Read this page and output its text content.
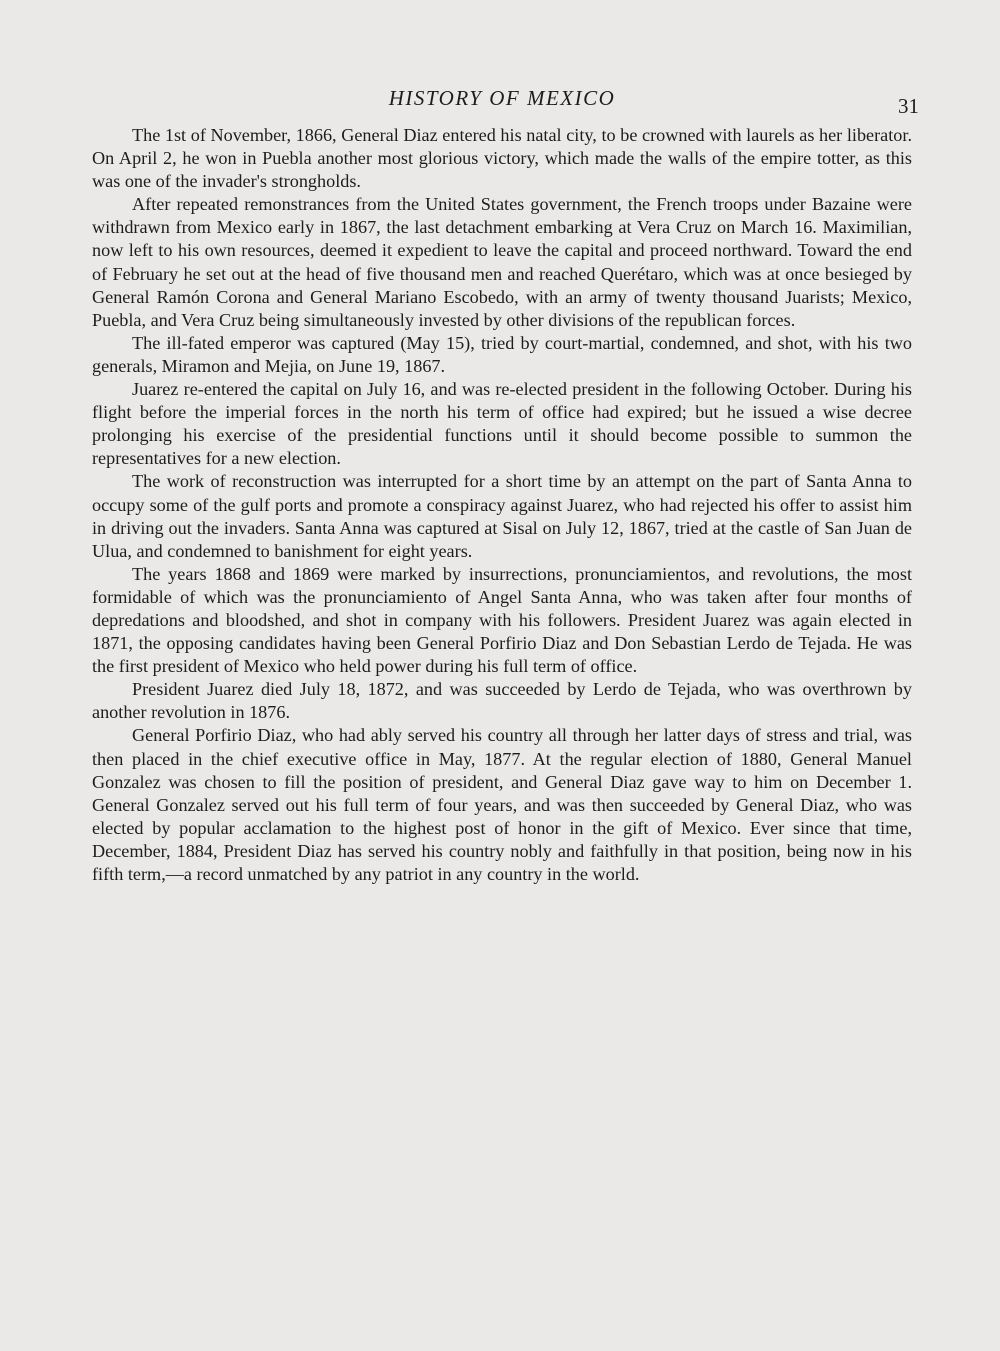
HISTORY OF MEXICO	31

The 1st of November, 1866, General Diaz entered his natal city, to be crowned with laurels as her liberator. On April 2, he won in Puebla another most glorious victory, which made the walls of the empire totter, as this was one of the invader's strongholds.

After repeated remonstrances from the United States government, the French troops under Bazaine were withdrawn from Mexico early in 1867, the last detachment embarking at Vera Cruz on March 16. Maximilian, now left to his own resources, deemed it expedient to leave the capital and proceed northward. Toward the end of February he set out at the head of five thousand men and reached Querétaro, which was at once besieged by General Ramón Corona and General Mariano Escobedo, with an army of twenty thousand Juarists; Mexico, Puebla, and Vera Cruz being simultaneously invested by other divisions of the republican forces.

The ill-fated emperor was captured (May 15), tried by court-martial, condemned, and shot, with his two generals, Miramon and Mejia, on June 19, 1867.

Juarez re-entered the capital on July 16, and was re-elected president in the following October. During his flight before the imperial forces in the north his term of office had expired; but he issued a wise decree prolonging his exercise of the presidential functions until it should become possible to summon the representatives for a new election.

The work of reconstruction was interrupted for a short time by an attempt on the part of Santa Anna to occupy some of the gulf ports and promote a conspiracy against Juarez, who had rejected his offer to assist him in driving out the invaders. Santa Anna was captured at Sisal on July 12, 1867, tried at the castle of San Juan de Ulua, and condemned to banishment for eight years.

The years 1868 and 1869 were marked by insurrections, pronunciamientos, and revolutions, the most formidable of which was the pronunciamiento of Angel Santa Anna, who was taken after four months of depredations and bloodshed, and shot in company with his followers. President Juarez was again elected in 1871, the opposing candidates having been General Porfirio Diaz and Don Sebastian Lerdo de Tejada. He was the first president of Mexico who held power during his full term of office.

President Juarez died July 18, 1872, and was succeeded by Lerdo de Tejada, who was overthrown by another revolution in 1876.

General Porfirio Diaz, who had ably served his country all through her latter days of stress and trial, was then placed in the chief executive office in May, 1877. At the regular election of 1880, General Manuel Gonzalez was chosen to fill the position of president, and General Diaz gave way to him on December 1. General Gonzalez served out his full term of four years, and was then succeeded by General Diaz, who was elected by popular acclamation to the highest post of honor in the gift of Mexico. Ever since that time, December, 1884, President Diaz has served his country nobly and faithfully in that position, being now in his fifth term,—a record unmatched by any patriot in any country in the world.
